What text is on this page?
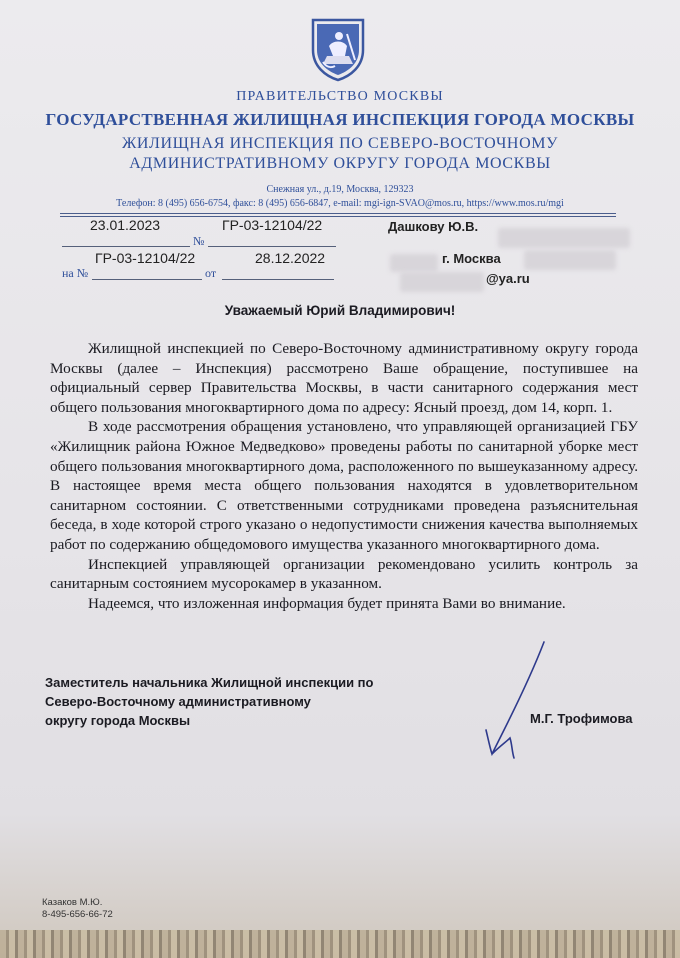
ПРАВИТЕЛЬСТВО МОСКВЫ
ГОСУДАРСТВЕННАЯ ЖИЛИЩНАЯ ИНСПЕКЦИЯ ГОРОДА МОСКВЫ
ЖИЛИЩНАЯ ИНСПЕКЦИЯ ПО СЕВЕРО-ВОСТОЧНОМУ
АДМИНИСТРАТИВНОМУ ОКРУГУ ГОРОДА МОСКВЫ
Снежная ул., д.19, Москва, 129323
Телефон: 8 (495) 656-6754, факс: 8 (495) 656-6847, e-mail: mgi-ign-SVAO@mos.ru, https://www.mos.ru/mgi
23.01.2023	ГР-03-12104/22
№
ГР-03-12104/22	28.12.2022
на №	от
Дашкову Ю.В.
г. Москва
@ya.ru
Уважаемый Юрий Владимирович!

Жилищной инспекцией по Северо-Восточному административному округу города Москвы (далее – Инспекция) рассмотрено Ваше обращение, поступившее на официальный сервер Правительства Москвы, в части санитарного содержания мест общего пользования многоквартирного дома по адресу: Ясный проезд, дом 14, корп. 1.

В ходе рассмотрения обращения установлено, что управляющей организацией ГБУ «Жилищник района Южное Медведково» проведены работы по санитарной уборке мест общего пользования многоквартирного дома, расположенного по вышеуказанному адресу. В настоящее время места общего пользования находятся в удовлетворительном санитарном состоянии. С ответственными сотрудниками проведена разъяснительная беседа, в ходе которой строго указано о недопустимости снижения качества выполняемых работ по содержанию общедомового имущества указанного многоквартирного дома.

Инспекцией управляющей организации рекомендовано усилить контроль за санитарным состоянием мусорокамер в указанном.

Надеемся, что изложенная информация будет принята Вами во внимание.

Заместитель начальника Жилищной инспекции по
Северо-Восточному административному
округу города Москвы	М.Г. Трофимова
Казаков М.Ю.
8-495-656-66-72
